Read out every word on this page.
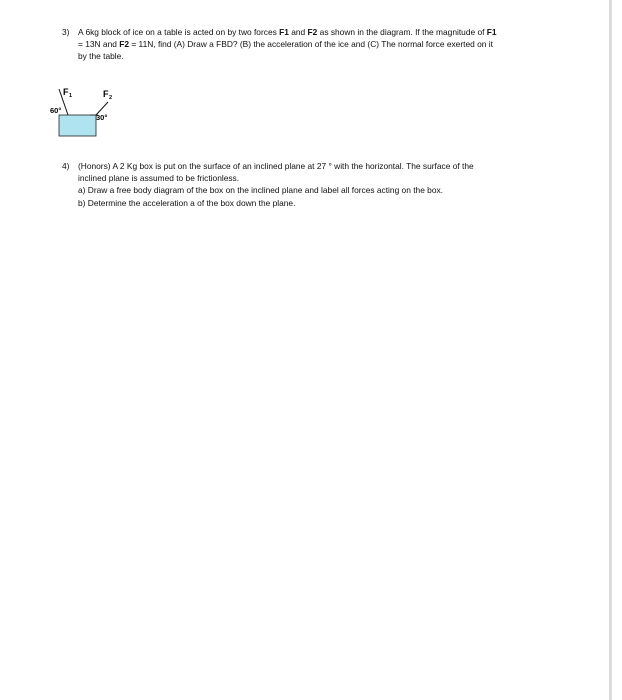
3)	A 6kg block of ice on a table is acted on by two forces F1 and F2 as shown in the diagram. If the magnitude of F1
= 13N and F2 = 11N, find (A) Draw a FBD? (B) the acceleration of the ice and (C) The normal force exerted on it
by the table.
F 1	F 2
60°
30°
4)	(Honors) A 2 Kg box is put on the surface of an inclined plane at 27 ° with the horizontal. The surface of the
inclined plane is assumed to be frictionless.
a) Draw a free body diagram of the box on the inclined plane and label all forces acting on the box.
b) Determine the acceleration a of the box down the plane.
